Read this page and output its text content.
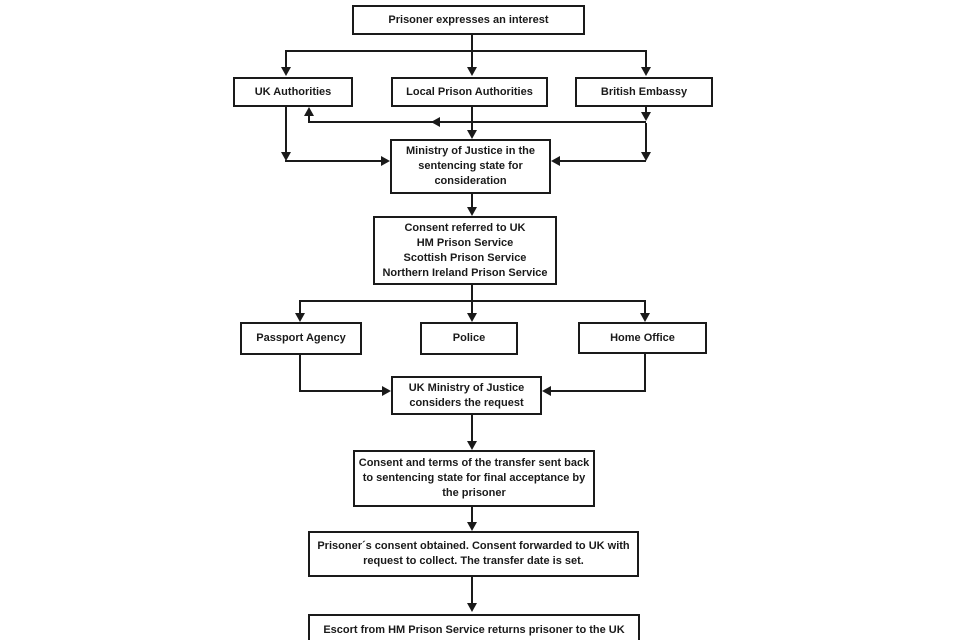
Prisoner expresses an interest
UK Authorities	Local Prison Authorities	British Embassy
Ministry of Justice in the
sentencing state for
consideration
Consent referred to UK
HM Prison Service
Scottish Prison Service
Northern Ireland Prison Service
Passport Agency	Police	Home Office
UK Ministry of Justice
considers the request
Consent and terms of the transfer sent back
to sentencing state for final acceptance by
the prisoner
Prisoner´s consent obtained. Consent forwarded to UK with
request to collect. The transfer date is set.
Escort from HM Prison Service returns prisoner to the UK
